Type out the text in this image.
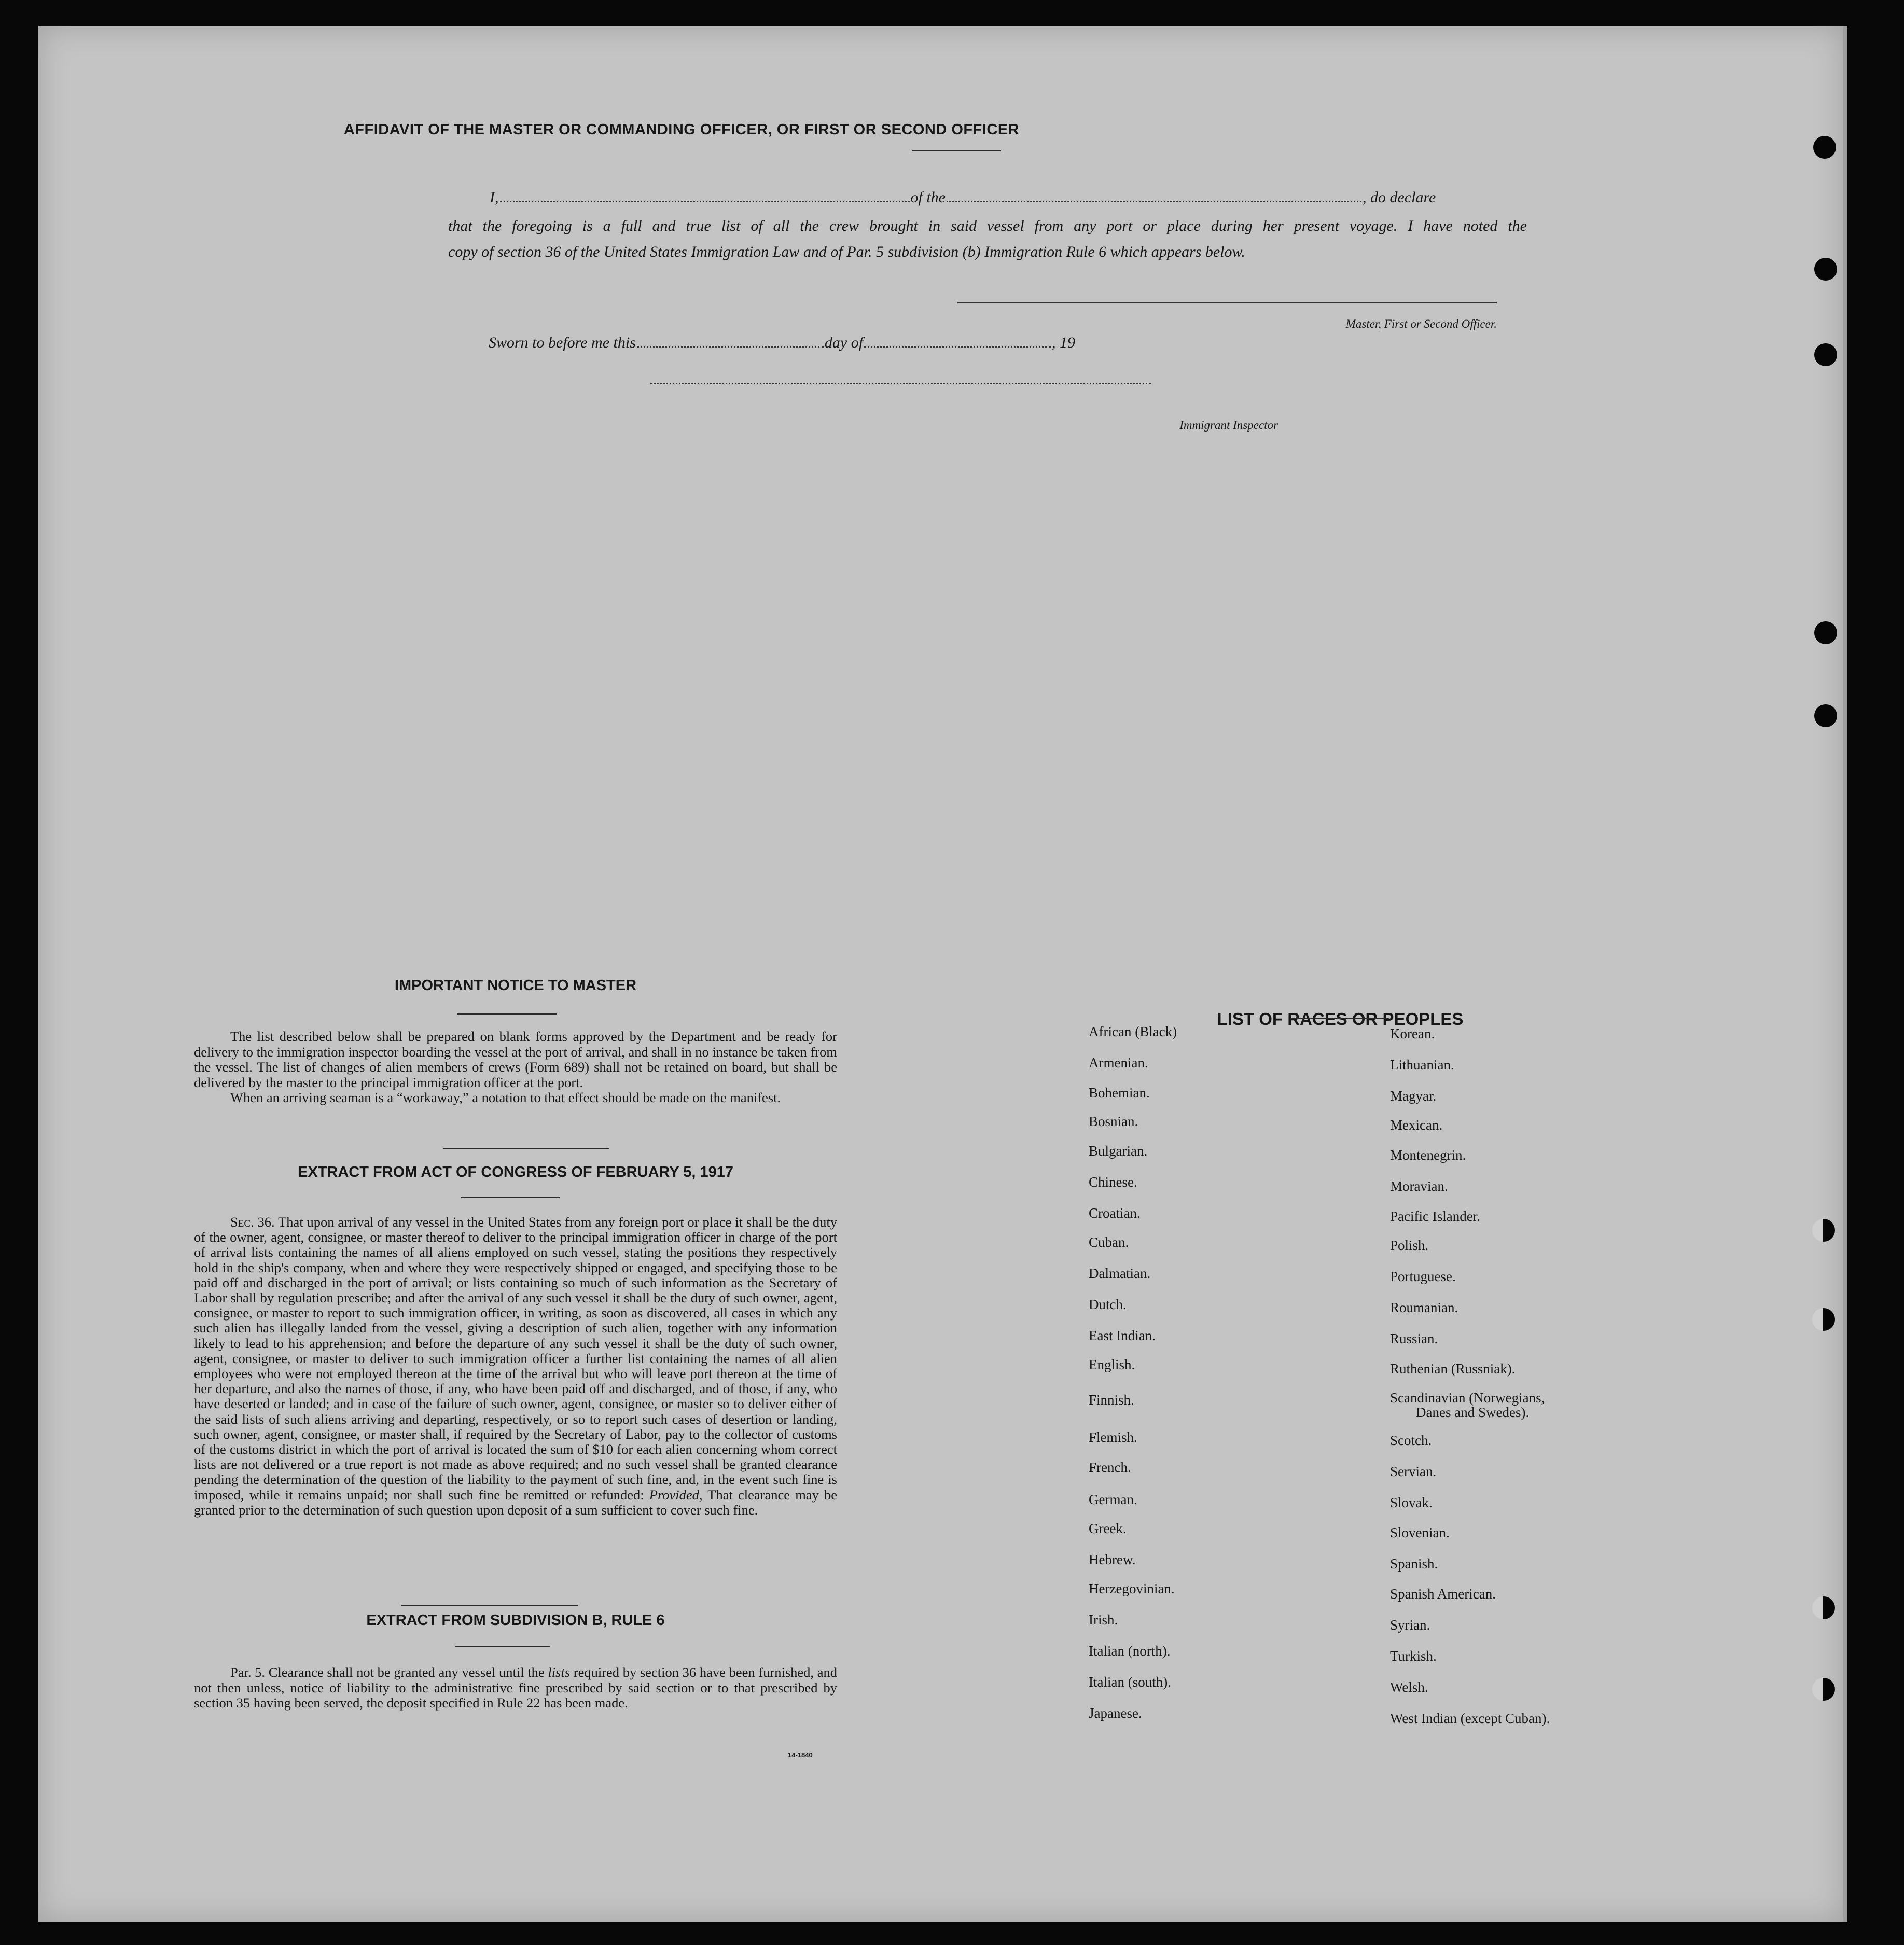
AFFIDAVIT OF THE MASTER OR COMMANDING OFFICER, OR FIRST OR SECOND OFFICER
I,	of the	, do declare
that the foregoing is a full and true list of all the crew brought in said vessel from any port or place during her present voyage. I have noted the
copy of section 36 of the United States Immigration Law and of Par. 5 subdivision (b) Immigration Rule 6 which appears below.
Master, First or Second Officer.
Sworn to before me this	day of	, 19
Immigrant Inspector
IMPORTANT NOTICE TO MASTER
The list described below shall be prepared on blank forms approved by the Department and be ready for delivery to the immigration inspector boarding the vessel at the port of arrival, and shall in no instance be taken from the vessel. The list of changes of alien members of crews (Form 689) shall not be retained on board, but shall be delivered by the master to the principal immigration officer at the port.
When an arriving seaman is a “workaway,” a notation to that effect should be made on the manifest.
EXTRACT FROM ACT OF CONGRESS OF FEBRUARY 5, 1917
Sec. 36. That upon arrival of any vessel in the United States from any foreign port or place it shall be the duty of the owner, agent, consignee, or master thereof to deliver to the principal immigration officer in charge of the port of arrival lists containing the names of all aliens employed on such vessel, stating the positions they respectively hold in the ship's company, when and where they were respectively shipped or engaged, and specifying those to be paid off and discharged in the port of arrival; or lists containing so much of such information as the Secretary of Labor shall by regulation prescribe; and after the arrival of any such vessel it shall be the duty of such owner, agent, consignee, or master to report to such immigration officer, in writing, as soon as discovered, all cases in which any such alien has illegally landed from the vessel, giving a description of such alien, together with any information likely to lead to his apprehension; and before the departure of any such vessel it shall be the duty of such owner, agent, consignee, or master to deliver to such immigration officer a further list containing the names of all alien employees who were not employed thereon at the time of the arrival but who will leave port thereon at the time of her departure, and also the names of those, if any, who have been paid off and discharged, and of those, if any, who have deserted or landed; and in case of the failure of such owner, agent, consignee, or master so to deliver either of the said lists of such aliens arriving and departing, respectively, or so to report such cases of desertion or landing, such owner, agent, consignee, or master shall, if required by the Secretary of Labor, pay to the collector of customs of the customs district in which the port of arrival is located the sum of $10 for each alien concerning whom correct lists are not delivered or a true report is not made as above required; and no such vessel shall be granted clearance pending the determination of the question of the liability to the payment of such fine, and, in the event such fine is imposed, while it remains unpaid; nor shall such fine be remitted or refunded: Provided, That clearance may be granted prior to the determination of such question upon deposit of a sum sufficient to cover such fine.
EXTRACT FROM SUBDIVISION B, RULE 6
Par. 5. Clearance shall not be granted any vessel until the lists required by section 36 have been furnished, and not then unless, notice of liability to the administrative fine prescribed by said section or to that prescribed by section 35 having been served, the deposit specified in Rule 22 has been made.
14-1840
LIST OF RACES OR PEOPLES
African (Black)
Armenian.
Bohemian.
Bosnian.
Bulgarian.
Chinese.
Croatian.
Cuban.
Dalmatian.
Dutch.
East Indian.
English.
Finnish.
Flemish.
French.
German.
Greek.
Hebrew.
Herzegovinian.
Irish.
Italian (north).
Italian (south).
Japanese.
Korean.
Lithuanian.
Magyar.
Mexican.
Montenegrin.
Moravian.
Pacific Islander.
Polish.
Portuguese.
Roumanian.
Russian.
Ruthenian (Russniak).
Scandinavian (Norwegians,
Danes and Swedes).
Scotch.
Servian.
Slovak.
Slovenian.
Spanish.
Spanish American.
Syrian.
Turkish.
Welsh.
West Indian (except Cuban).
